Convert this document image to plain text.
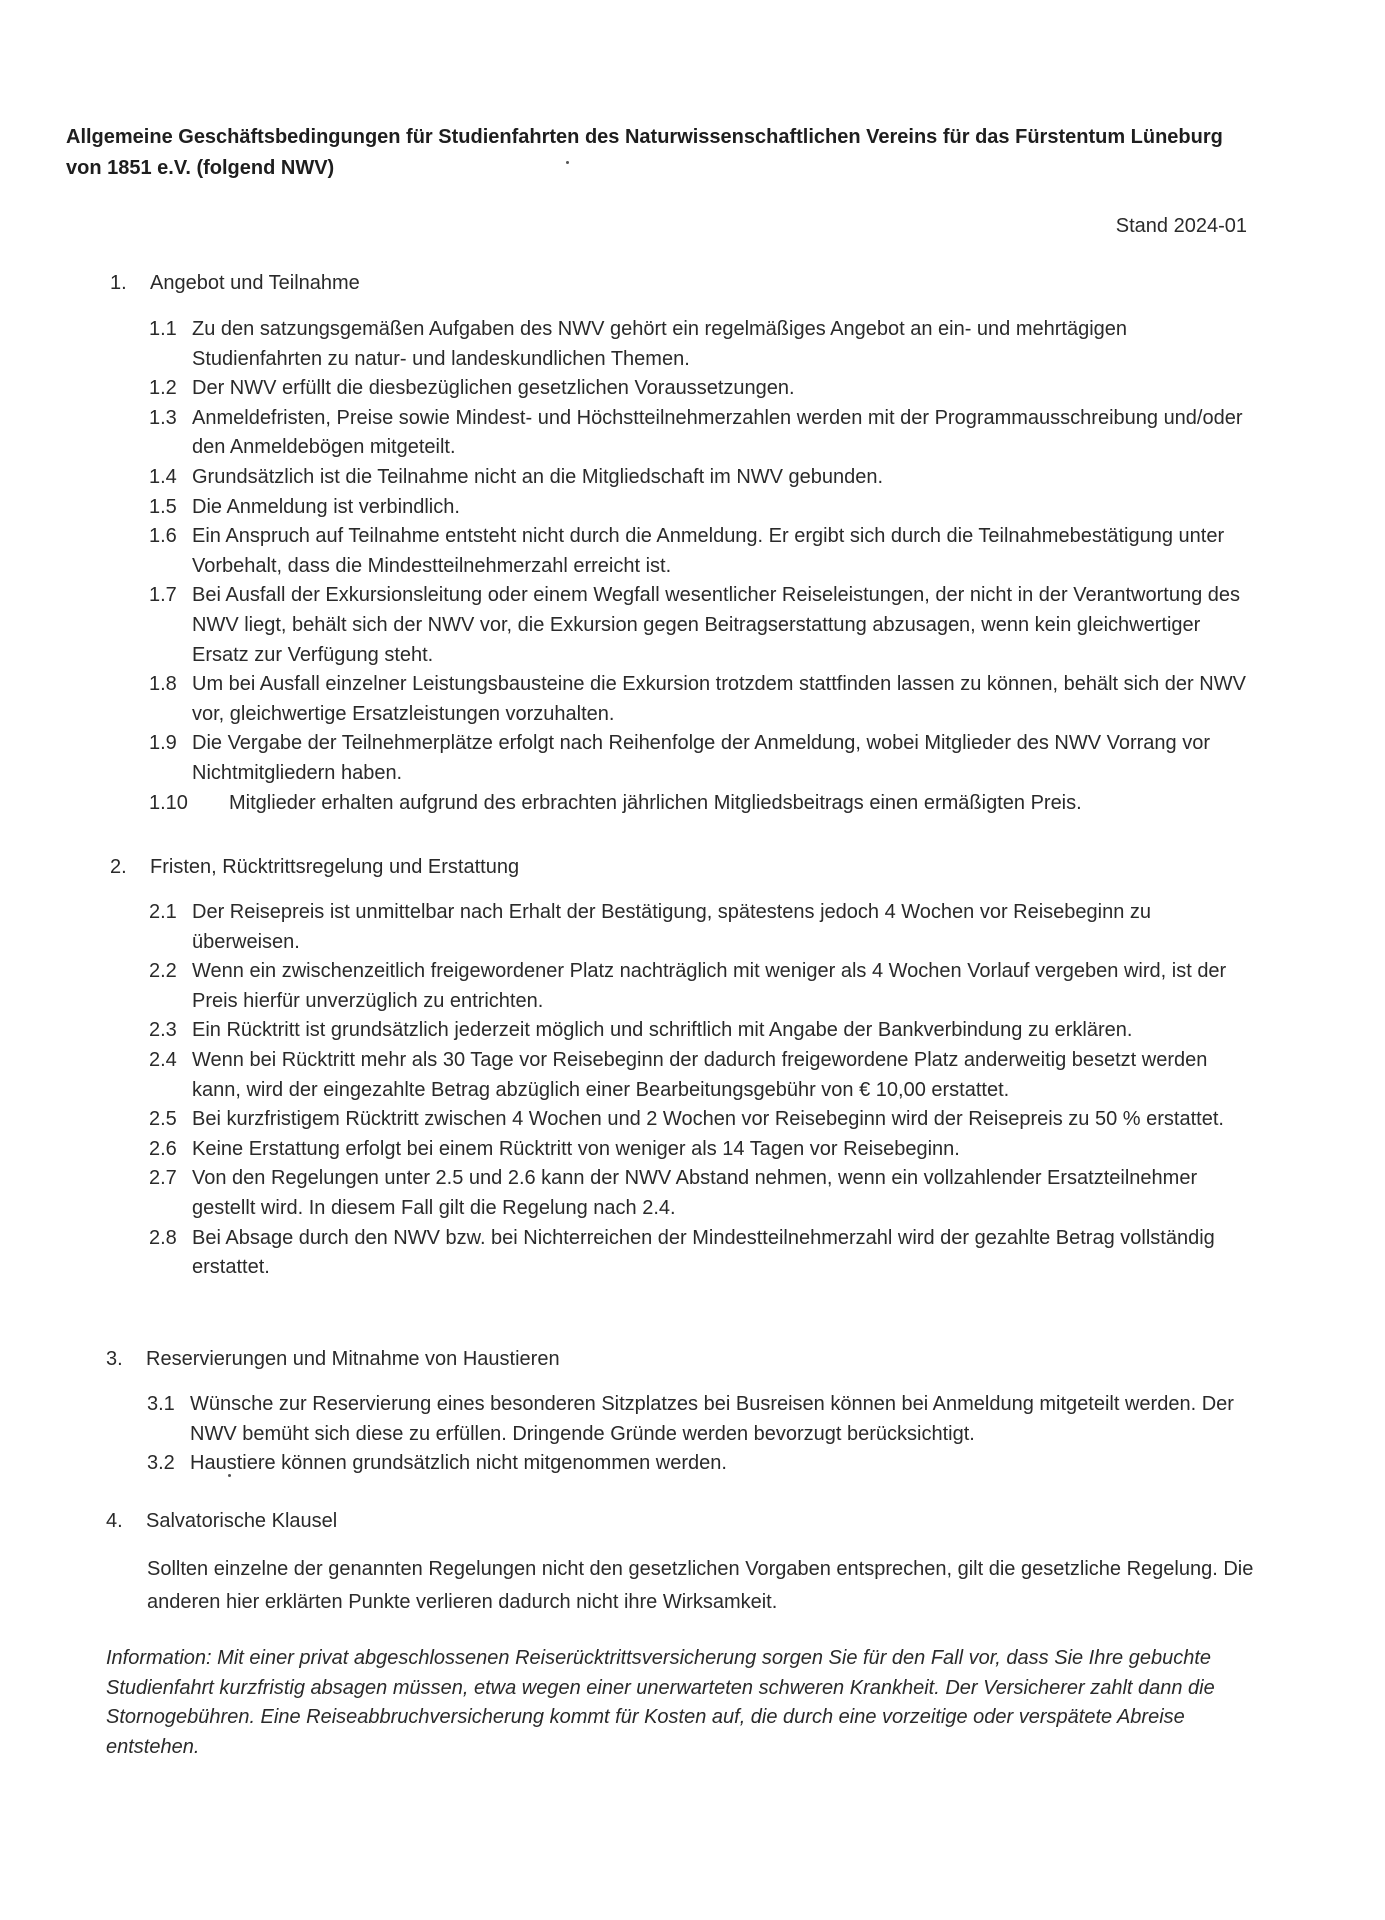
Allgemeine Geschäftsbedingungen für Studienfahrten des Naturwissenschaftlichen Vereins für das Fürstentum Lüneburg von 1851 e.V. (folgend NWV)
Stand 2024-01
1. Angebot und Teilnahme
1.1 Zu den satzungsgemäßen Aufgaben des NWV gehört ein regelmäßiges Angebot an ein- und mehrtägigen Studienfahrten zu natur- und landeskundlichen Themen.
1.2 Der NWV erfüllt die diesbezüglichen gesetzlichen Voraussetzungen.
1.3 Anmeldefristen, Preise sowie Mindest- und Höchstteilnehmerzahlen werden mit der Programmausschreibung und/oder den Anmeldebögen mitgeteilt.
1.4 Grundsätzlich ist die Teilnahme nicht an die Mitgliedschaft im NWV gebunden.
1.5 Die Anmeldung ist verbindlich.
1.6 Ein Anspruch auf Teilnahme entsteht nicht durch die Anmeldung. Er ergibt sich durch die Teilnahmebestätigung unter Vorbehalt, dass die Mindestteilnehmerzahl erreicht ist.
1.7 Bei Ausfall der Exkursionsleitung oder einem Wegfall wesentlicher Reiseleistungen, der nicht in der Verantwortung des NWV liegt, behält sich der NWV vor, die Exkursion gegen Beitragserstattung abzusagen, wenn kein gleichwertiger Ersatz zur Verfügung steht.
1.8 Um bei Ausfall einzelner Leistungsbausteine die Exkursion trotzdem stattfinden lassen zu können, behält sich der NWV vor, gleichwertige Ersatzleistungen vorzuhalten.
1.9 Die Vergabe der Teilnehmerplätze erfolgt nach Reihenfolge der Anmeldung, wobei Mitglieder des NWV Vorrang vor Nichtmitgliedern haben.
1.10 Mitglieder erhalten aufgrund des erbrachten jährlichen Mitgliedsbeitrags einen ermäßigten Preis.
2. Fristen, Rücktrittsregelung und Erstattung
2.1 Der Reisepreis ist unmittelbar nach Erhalt der Bestätigung, spätestens jedoch 4 Wochen vor Reisebeginn zu überweisen.
2.2 Wenn ein zwischenzeitlich freigewordener Platz nachträglich mit weniger als 4 Wochen Vorlauf vergeben wird, ist der Preis hierfür unverzüglich zu entrichten.
2.3 Ein Rücktritt ist grundsätzlich jederzeit möglich und schriftlich mit Angabe der Bankverbindung zu erklären.
2.4 Wenn bei Rücktritt mehr als 30 Tage vor Reisebeginn der dadurch freigewordene Platz anderweitig besetzt werden kann, wird der eingezahlte Betrag abzüglich einer Bearbeitungsgebühr von € 10,00 erstattet.
2.5 Bei kurzfristigem Rücktritt zwischen 4 Wochen und 2 Wochen vor Reisebeginn wird der Reisepreis zu 50 % erstattet.
2.6 Keine Erstattung erfolgt bei einem Rücktritt von weniger als 14 Tagen vor Reisebeginn.
2.7 Von den Regelungen unter 2.5 und 2.6 kann der NWV Abstand nehmen, wenn ein vollzahlender Ersatzteilnehmer gestellt wird. In diesem Fall gilt die Regelung nach 2.4.
2.8 Bei Absage durch den NWV bzw. bei Nichterreichen der Mindestteilnehmerzahl wird der gezahlte Betrag vollständig erstattet.
3. Reservierungen und Mitnahme von Haustieren
3.1 Wünsche zur Reservierung eines besonderen Sitzplatzes bei Busreisen können bei Anmeldung mitgeteilt werden. Der NWV bemüht sich diese zu erfüllen. Dringende Gründe werden bevorzugt berücksichtigt.
3.2 Haustiere können grundsätzlich nicht mitgenommen werden.
4. Salvatorische Klausel
Sollten einzelne der genannten Regelungen nicht den gesetzlichen Vorgaben entsprechen, gilt die gesetzliche Regelung. Die anderen hier erklärten Punkte verlieren dadurch nicht ihre Wirksamkeit.
Information: Mit einer privat abgeschlossenen Reiserücktrittsversicherung sorgen Sie für den Fall vor, dass Sie Ihre gebuchte Studienfahrt kurzfristig absagen müssen, etwa wegen einer unerwarteten schweren Krankheit. Der Versicherer zahlt dann die Stornogebühren. Eine Reiseabbruchversicherung kommt für Kosten auf, die durch eine vorzeitige oder verspätete Abreise entstehen.
